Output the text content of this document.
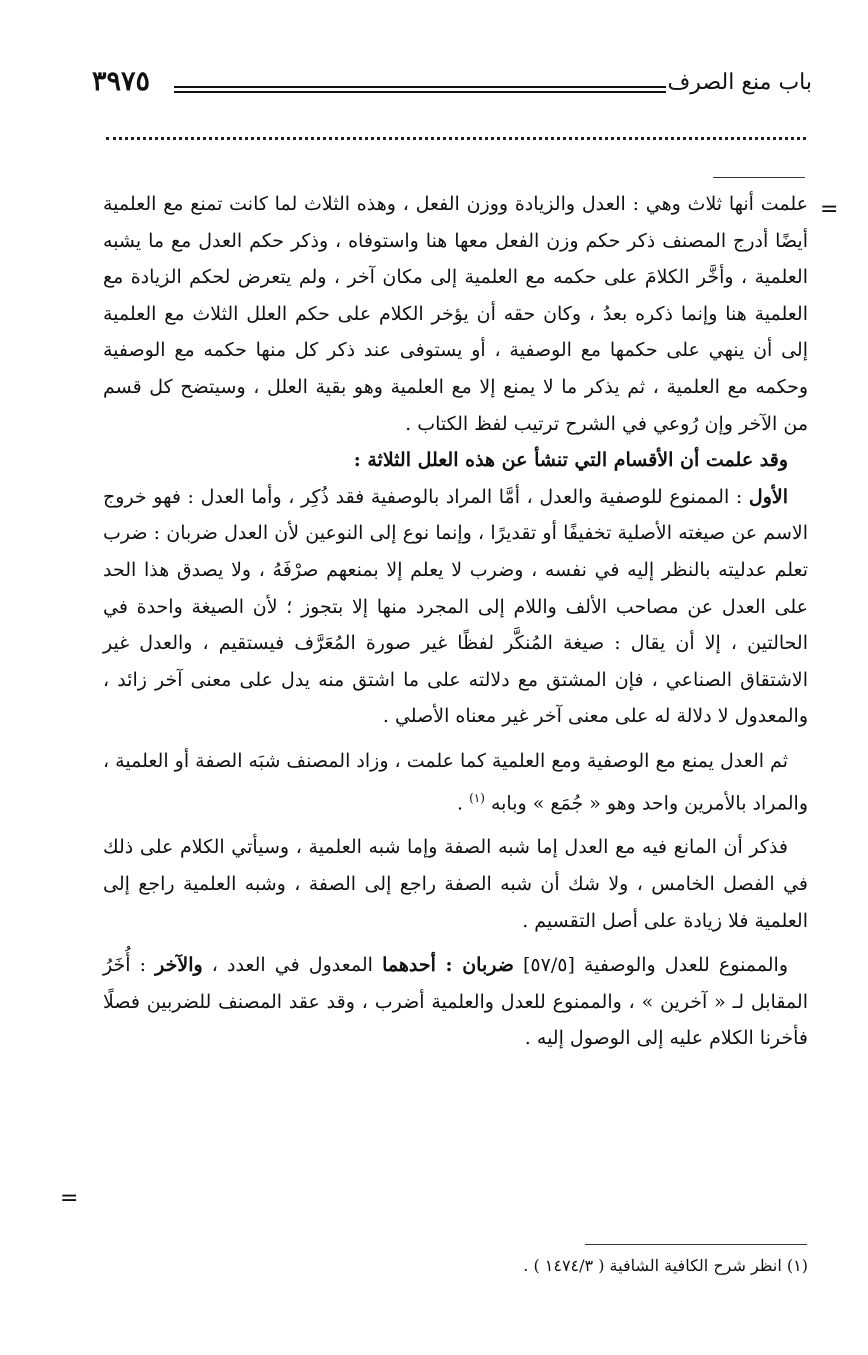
٣٩٧٥	باب منع الصرف
=

علمت أنها ثلاث وهي : العدل والزيادة ووزن الفعل ، وهذه الثلاث لما كانت تمنع مع العلمية أيضًا أدرج المصنف ذكر حكم وزن الفعل معها هنا واستوفاه ، وذكر حكم العدل مع ما يشبه العلمية ، وأخَّر الكلامَ على حكمه مع العلمية إلى مكان آخر ، ولم يتعرض لحكم الزيادة مع العلمية هنا وإنما ذكره بعدُ ، وكان حقه أن يؤخر الكلام على حكم العلل الثلاث مع العلمية إلى أن ينهي على حكمها مع الوصفية ، أو يستوفى عند ذكر كل منها حكمه مع الوصفية وحكمه مع العلمية ، ثم يذكر ما لا يمنع إلا مع العلمية وهو بقية العلل ، وسيتضح كل قسم من الآخر وإن رُوعي في الشرح ترتيب لفظ الكتاب .

وقد علمت أن الأقسام التي تنشأ عن هذه العلل الثلاثة :

الأول : الممنوع للوصفية والعدل ، أمَّا المراد بالوصفية فقد ذُكِر ، وأما العدل : فهو خروج الاسم عن صيغته الأصلية تخفيفًا أو تقديرًا ، وإنما نوع إلى النوعين لأن العدل ضربان : ضرب تعلم عدليته بالنظر إليه في نفسه ، وضرب لا يعلم إلا بمنعهم صرْفَهُ ، ولا يصدق هذا الحد على العدل عن مصاحب الألف واللام إلى المجرد منها إلا بتجوز ؛ لأن الصيغة واحدة في الحالتين ، إلا أن يقال : صيغة المُنكَّر لفظًا غير صورة المُعَرَّف فيستقيم ، والعدل غير الاشتقاق الصناعي ، فإن المشتق مع دلالته على ما اشتق منه يدل على معنى آخر زائد ، والمعدول لا دلالة له على معنى آخر غير معناه الأصلي .

ثم العدل يمنع مع الوصفية ومع العلمية كما علمت ، وزاد المصنف شبَه الصفة أو العلمية ، والمراد بالأمرين واحد وهو « جُمَع » وبابه $^{(١)}$ .

فذكر أن المانع فيه مع العدل إما شبه الصفة وإما شبه العلمية ، وسيأتي الكلام على ذلك في الفصل الخامس ، ولا شك أن شبه الصفة راجع إلى الصفة ، وشبه العلمية راجع إلى العلمية فلا زيادة على أصل التقسيم .

والممنوع للعدل والوصفية [٥٧/٥] ضربان : أحدهما المعدول في العدد ، والآخر : أُخَرُ المقابل لـ « آخرين » ، والممنوع للعدل والعلمية أضرب ، وقد عقد المصنف للضربين فصلًا فأخرنا الكلام عليه إلى الوصول إليه .

=
(١) انظر شرح الكافية الشافية ( ١٤٧٤/٣ ) .
